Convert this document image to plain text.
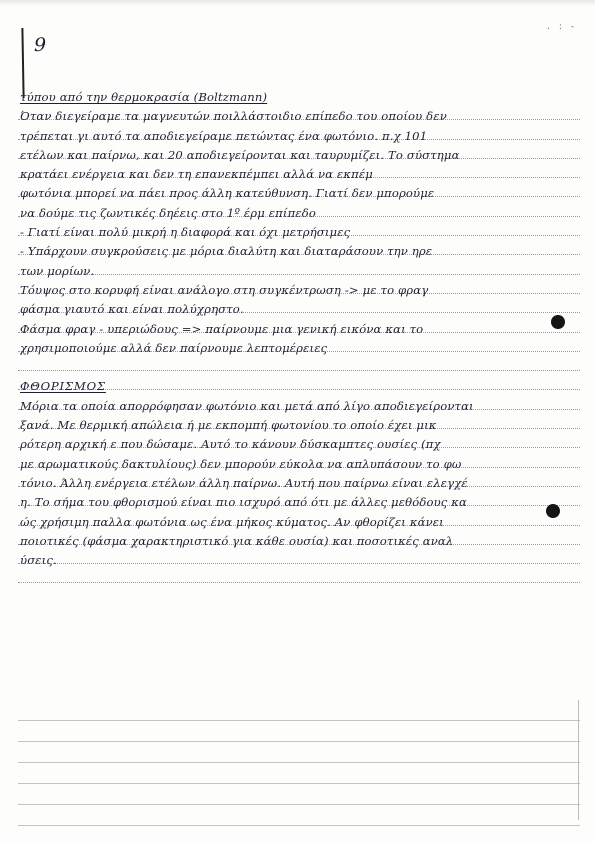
. : -
9
τύπου από την θερμοκρασία (Boltzmann)
Όταν διεγείραμε τα μαγνευτών ποιλλάστοιδιο επίπεδο του οποίου δεν
τρέπεται γι αυτό τα αποδιεγείραμε πετώντας ένα φωτόνιο. π.χ 101
ετέλων και παίρνω, και 20 αποδιεγείρονται και ταυρυμίζει. Το σύστημα
κρατάει ενέργεια και δεν τη επανεκπέμπει αλλά να εκπέμ
φωτόνια μπορεί να πάει προς άλλη κατεύθυνση. Γιατί δεν μπορούμε
να δούμε τις ζωντικές δηέεις στο 1º έρμ επίπεδο
- Γιατί είναι πολύ μικρή η διαφορά και όχι μετρήσιμες
- Υπάρχουν συγκρούσεις με μόρια διαλύτη και διαταράσουν την ηρε
των μορίων.
Τόυψος στο κορυφή είναι ανάλογο στη συγκέντρωση -> με το φραγ
φάσμα γιαυτό και είναι πολύχρηστο.
Φάσμα φραγ - υπεριώδους => παίρνουμε μια γενική εικόνα και το
χρησιμοποιούμε αλλά δεν παίρνουμε λεπτομέρειες
ΦΘΟΡΙΣΜΟΣ
Μόρια τα οποία απορρόφησαν φωτόνιο και μετά από λίγο αποδιεγείρονται
ξανά. Με θερμική απώλεια ή με εκπομπή φωτονίου το οποίο έχει μικ
ρότερη αρχική ε που δώσαμε. Αυτό το κάνουν δύσκαμπτες ουσίες (πχ
με αρωματικούς δακτυλίους) δεν μπορούν εύκολα να απλυπάσουν το φω
τόνιο. Άλλη ενέργεια ετέλων άλλη παίρνω. Αυτή που παίρνω είναι ελεγχέ
η. Το σήμα του φθορισμού είναι πιο ισχυρό από ότι με άλλες μεθόδους κα
ώς χρήσιμη παλλα φωτόνια ως ένα μήκος κύματος. Αν φθορίζει κάνει
ποιοτικές (φάσμα χαρακτηριστικό για κάθε ουσία) και ποσοτικές αναλ
ύσεις.
